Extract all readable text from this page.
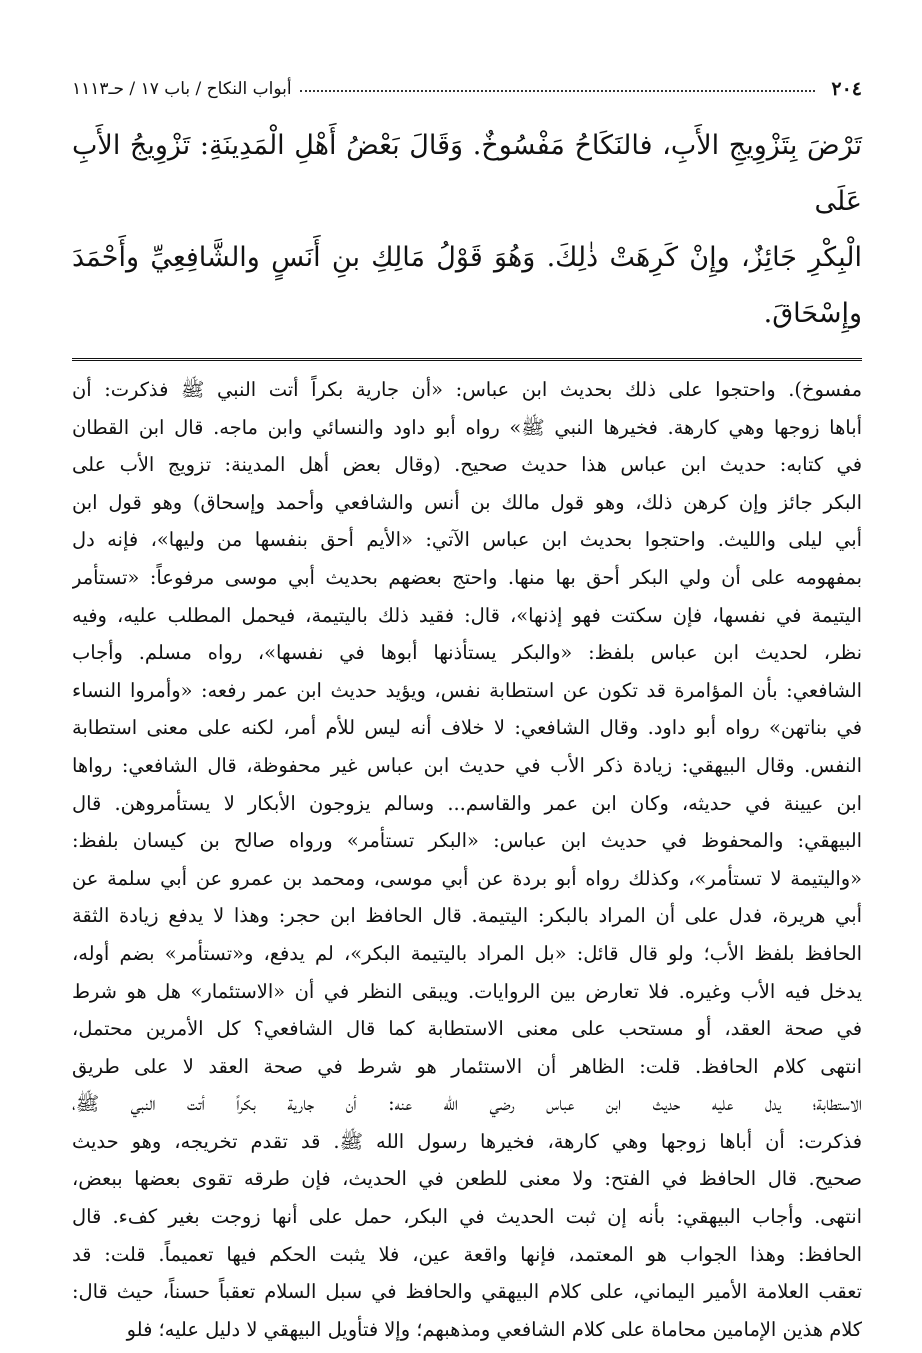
٢٠٤
أبواب النكاح / باب ١٧ / حـ١١١٣
تَرْضَ بِتَزْوِيجِ الأَبِ، فالنَكَاحُ مَفْسُوخٌ. وَقَالَ بَعْضُ أَهْلِ الْمَدِينَةِ: تَزْوِيجُ الأَبِ عَلَى
الْبِكْرِ جَائِزٌ، وإِنْ كَرِهَتْ ذٰلِكَ. وَهُوَ قَوْلُ مَالِكِ بنِ أَنَسٍ والشَّافِعِيِّ وأَحْمَدَ وإِسْحَاقَ.
مفسوخ). واحتجوا على ذلك بحديث ابن عباس: «أن جارية بكراً أتت النبي ﷺ فذكرت: أن
أباها زوجها وهي كارهة. فخيرها النبي ﷺ» رواه أبو داود والنسائي وابن ماجه. قال ابن القطان
في كتابه: حديث ابن عباس هذا حديث صحيح. (وقال بعض أهل المدينة: تزويج الأب على
البكر جائز وإن كرهن ذلك، وهو قول مالك بن أنس والشافعي وأحمد وإسحاق) وهو قول ابن
أبي ليلى والليث. واحتجوا بحديث ابن عباس الآتي: «الأيم أحق بنفسها من وليها»، فإنه دل
بمفهومه على أن ولي البكر أحق بها منها. واحتج بعضهم بحديث أبي موسى مرفوعاً: «تستأمر
اليتيمة في نفسها، فإن سكتت فهو إذنها»، قال: فقيد ذلك باليتيمة، فيحمل المطلب عليه، وفيه
نظر، لحديث ابن عباس بلفظ: «والبكر يستأذنها أبوها في نفسها»، رواه مسلم. وأجاب
الشافعي: بأن المؤامرة قد تكون عن استطابة نفس، ويؤيد حديث ابن عمر رفعه: «وأمروا النساء
في بناتهن» رواه أبو داود. وقال الشافعي: لا خلاف أنه ليس للأم أمر، لكنه على معنى استطابة
النفس. وقال البيهقي: زيادة ذكر الأب في حديث ابن عباس غير محفوظة، قال الشافعي: رواها
ابن عيينة في حديثه، وكان ابن عمر والقاسم... وسالم يزوجون الأبكار لا يستأمروهن. قال
البيهقي: والمحفوظ في حديث ابن عباس: «البكر تستأمر» ورواه صالح بن كيسان بلفظ:
«واليتيمة لا تستأمر»، وكذلك رواه أبو بردة عن أبي موسى، ومحمد بن عمرو عن أبي سلمة عن
أبي هريرة، فدل على أن المراد بالبكر: اليتيمة. قال الحافظ ابن حجر: وهذا لا يدفع زيادة الثقة
الحافظ بلفظ الأب؛ ولو قال قائل: «بل المراد باليتيمة البكر»، لم يدفع، و«تستأمر» بضم أوله،
يدخل فيه الأب وغيره. فلا تعارض بين الروايات. ويبقى النظر في أن «الاستئمار» هل هو شرط
في صحة العقد، أو مستحب على معنى الاستطابة كما قال الشافعي؟ كل الأمرين محتمل،
انتهى كلام الحافظ. قلت: الظاهر أن الاستئمار هو شرط في صحة العقد لا على طريق
الاستطابة؛ يدل عليه حديث ابن عباس رضي الله عنه: أن جارية بكراً أتت النبي ﷺ،
فذكرت: أن أباها زوجها وهي كارهة، فخيرها رسول الله ﷺ. قد تقدم تخريجه، وهو حديث
صحيح. قال الحافظ في الفتح: ولا معنى للطعن في الحديث، فإن طرقه تقوى بعضها ببعض،
انتهى. وأجاب البيهقي: بأنه إن ثبت الحديث في البكر، حمل على أنها زوجت بغير كفء. قال
الحافظ: وهذا الجواب هو المعتمد، فإنها واقعة عين، فلا يثبت الحكم فيها تعميماً. قلت: قد
تعقب العلامة الأمير اليماني، على كلام البيهقي والحافظ في سبل السلام تعقباً حسناً، حيث قال:
كلام هذين الإمامين محاماة على كلام الشافعي ومذهبهم؛ وإلا فتأويل البيهقي لا دليل عليه؛ فلو
